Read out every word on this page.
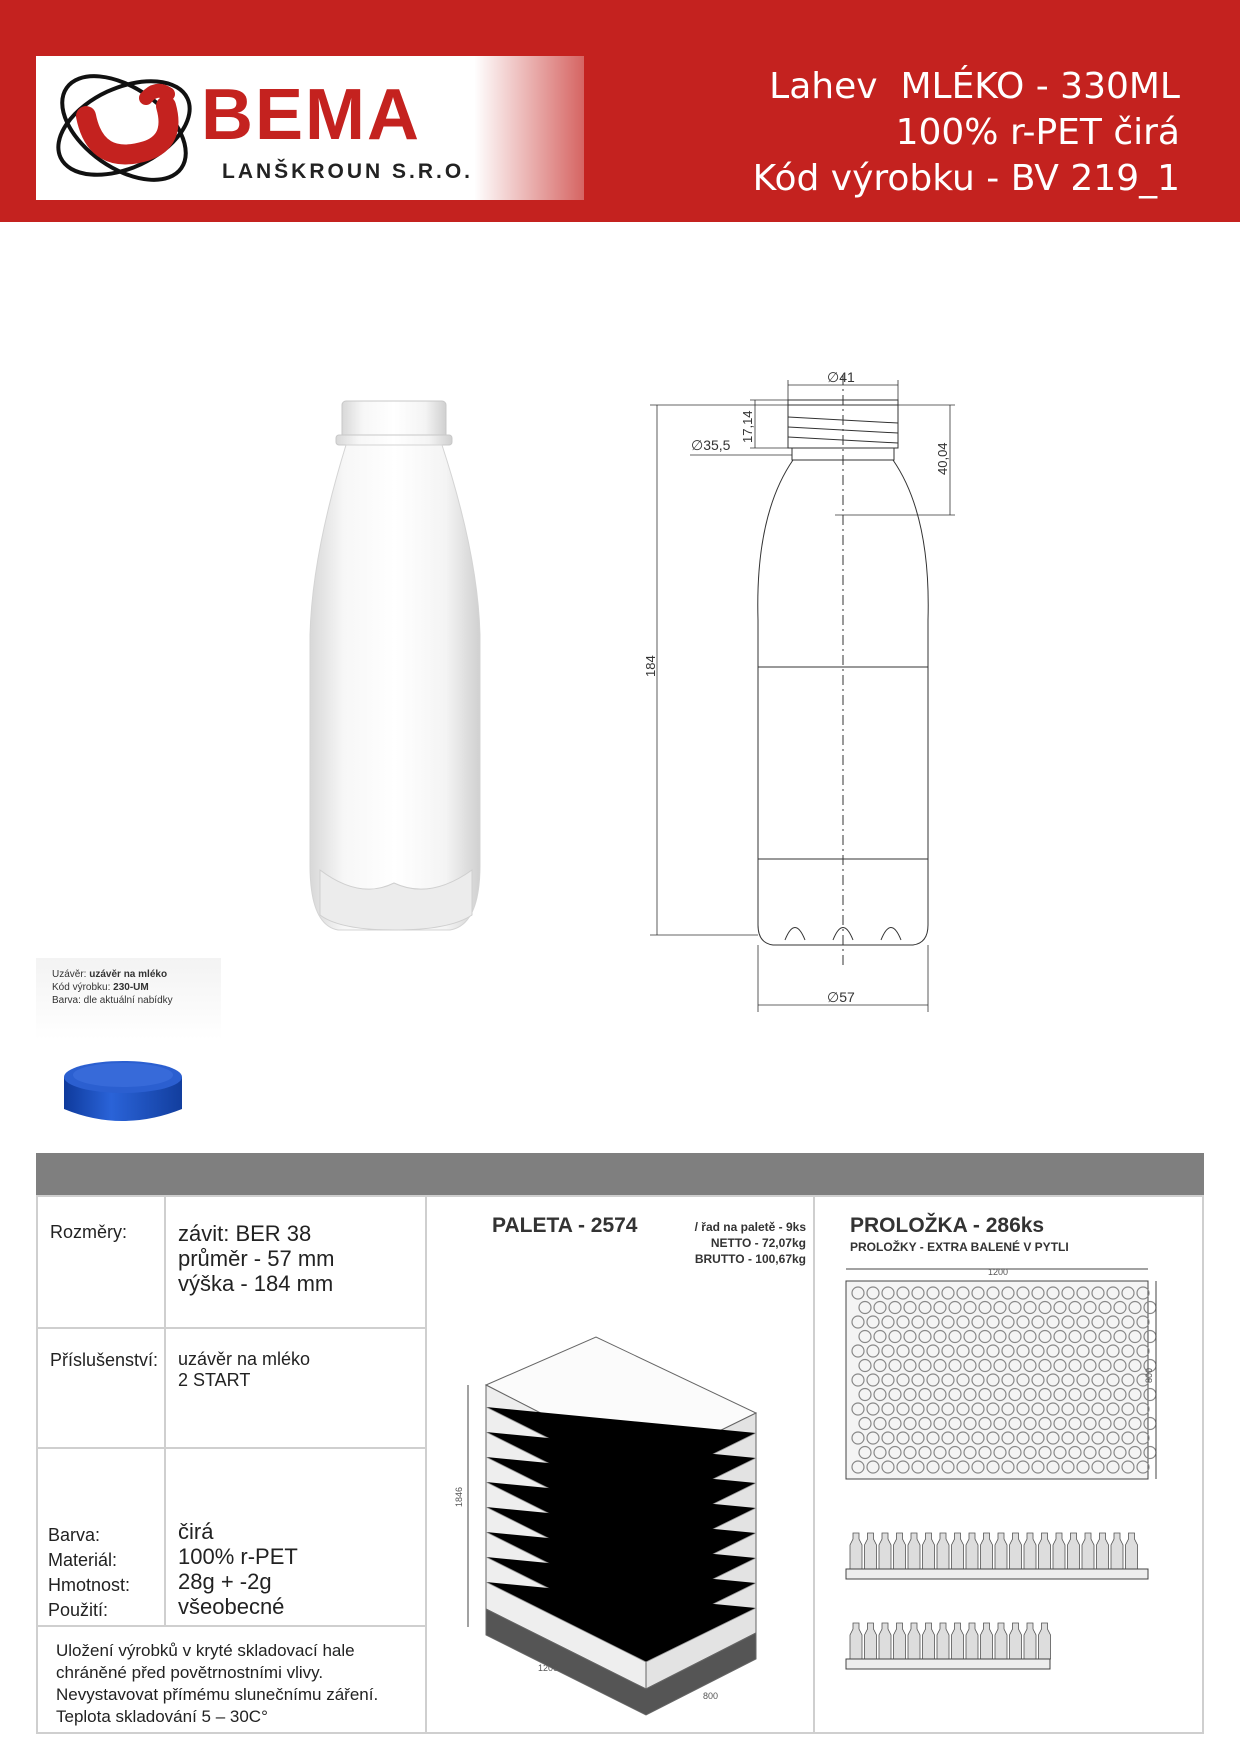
BEMA
LANŠKROUN S.R.O.
Lahev  MLÉKO - 330ML
100% r-PET čirá
Kód výrobku - BV 219_1
∅41
∅35,5
17,14
40,04
184
∅57
Uzávěr: uzávěr na mléko
Kód výrobku: 230-UM
Barva: dle aktuální nabídky
Rozměry: závit: BER 38
průměr - 57 mm
výška - 184 mm
Příslušenství: uzávěr na mléko
2 START
Barva:
Materiál:
Hmotnost:
Použití:
čirá
100% r-PET
28g + -2g
všeobecné
Uložení výrobků v kryté skladovací hale
chráněné před povětrnostními vlivy.
Nevystavovat přímému slunečnímu záření.
Teplota skladování 5 – 30C°
PALETA - 2574	/ řad na paletě - 9ks
NETTO - 72,07kg
BRUTTO - 100,67kg
1846
1200
800
PROLOŽKA - 286ks
PROLOŽKY - EXTRA BALENÉ V PYTLI
1200
800
